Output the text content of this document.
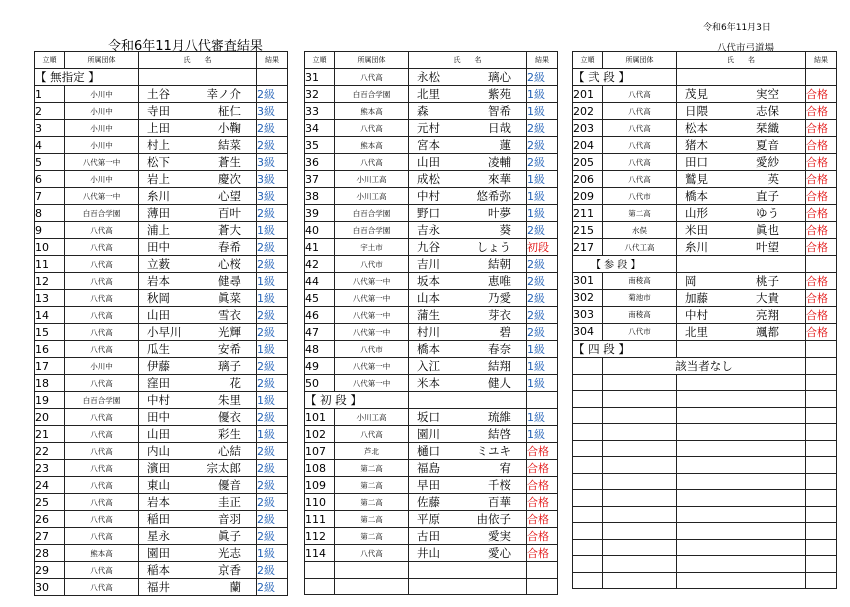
令和6年11月八代審査結果
令和6年11月3日
八代市弓道場
立順	所属団体	氏　　名	結果
【 無指定 】			
1	小川中	土谷 幸ノ介	2級
2	小川中	寺田 柾仁	3級
3	小川中	上田 小鞠	2級
4	小川中	村上 結菜	2級
5	八代第一中	松下 蒼生	3級
6	小川中	岩上 慶次	3級
7	八代第一中	糸川 心望	3級
8	白百合学園	薄田 百叶	2級
9	八代高	浦上 蒼大	1級
10	八代高	田中 春希	2級
11	八代高	立薮 心桜	2級
12	八代高	岩本 健尋	1級
13	八代高	秋岡 眞菜	1級
14	八代高	山田 雪衣	2級
15	八代高	小早川 光輝	2級
16	八代高	瓜生 安希	1級
17	小川中	伊藤 璃子	2級
18	八代高	窪田 花	2級
19	白百合学園	中村 朱里	1級
20	八代高	田中 優衣	2級
21	八代高	山田 彩生	1級
22	八代高	内山 心結	2級
23	八代高	濱田 宗太郎	2級
24	八代高	東山 優音	2級
25	八代高	岩本 圭正	2級
26	八代高	稲田 音羽	2級
27	八代高	星永 眞子	2級
28	熊本高	園田 光志	1級
29	八代高	稲本 京香	2級
30	八代高	福井 蘭	2級
立順	所属団体	氏　　名	結果
31	八代高	永松 璃心	2級
32	白百合学園	北里 紫苑	1級
33	熊本高	森 智希	1級
34	八代高	元村 日哉	2級
35	熊本高	宮本 蓮	2級
36	八代高	山田 凌輔	2級
37	小川工高	成松 來華	1級
38	小川工高	中村 悠希弥	1級
39	白百合学園	野口 叶夢	1級
40	白百合学園	吉永 葵	2級
41	宇土市	九谷 しょう	初段
42	八代市	吉川 結朝	2級
44	八代第一中	坂本 恵唯	2級
45	八代第一中	山本 乃愛	2級
46	八代第一中	蒲生 芽衣	2級
47	八代第一中	村川 碧	2級
48	八代市	橋本 春奈	1級
49	八代第一中	入江 結翔	1級
50	八代第一中	米本 健人	1級
【 初 段 】			
101	小川工高	坂口 琉維	1級
102	八代高	園川 結啓	1級
107	芦北	樋口 ミユキ	合格
108	第二高	福島 宥	合格
109	第二高	早田 千桜	合格
110	第二高	佐藤 百華	合格
111	第二高	平原 由依子	合格
112	第二高	古田 愛実	合格
114	八代高	井山 愛心	合格

立順	所属団体	氏　　名	結果
【 弐 段 】			
201	八代高	茂見 実空	合格
202	八代高	日隈 志保	合格
203	八代高	松本 栞織	合格
204	八代高	猪木 夏音	合格
205	八代高	田口 愛紗	合格
206	八代高	鷲見 英	合格
209	八代市	橋本 直子	合格
211	第二高	山形 ゆう	合格
215	水俣	米田 眞也	合格
217	八代工高	糸川 叶望	合格
【 参 段 】			
301	南稜高	岡 桃子	合格
302	菊池市	加藤 大貴	合格
303	南稜高	中村 亮翔	合格
304	八代市	北里 颯都	合格
【 四 段 】			
	該当者なし		
